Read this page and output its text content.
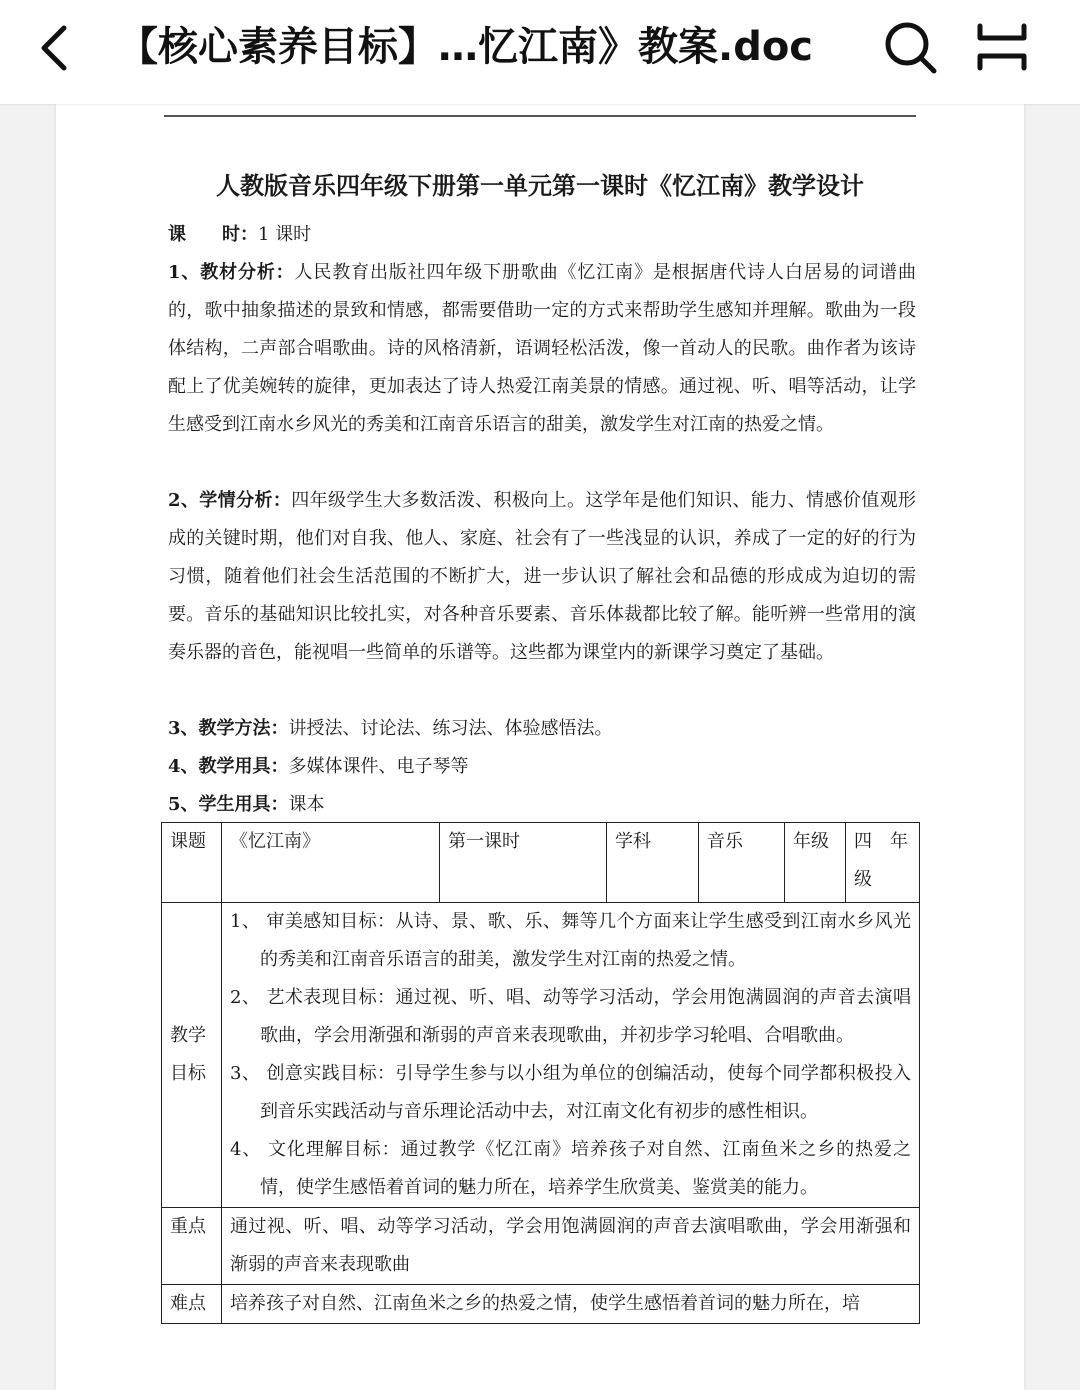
【核心素养目标】…忆江南》教案.doc
人教版音乐四年级下册第一单元第一课时《忆江南》教学设计
课　　时：1 课时
1、教材分析：人民教育出版社四年级下册歌曲《忆江南》是根据唐代诗人白居易的词谱曲的，歌中抽象描述的景致和情感，都需要借助一定的方式来帮助学生感知并理解。歌曲为一段体结构，二声部合唱歌曲。诗的风格清新，语调轻松活泼，像一首动人的民歌。曲作者为该诗配上了优美婉转的旋律，更加表达了诗人热爱江南美景的情感。通过视、听、唱等活动，让学生感受到江南水乡风光的秀美和江南音乐语言的甜美，激发学生对江南的热爱之情。
2、学情分析：四年级学生大多数活泼、积极向上。这学年是他们知识、能力、情感价值观形成的关键时期，他们对自我、他人、家庭、社会有了一些浅显的认识，养成了一定的好的行为习惯，随着他们社会生活范围的不断扩大，进一步认识了解社会和品德的形成成为迫切的需要。音乐的基础知识比较扎实，对各种音乐要素、音乐体裁都比较了解。能听辨一些常用的演奏乐器的音色，能视唱一些简单的乐谱等。这些都为课堂内的新课学习奠定了基础。
3、教学方法：讲授法、讨论法、练习法、体验感悟法。
4、教学用具：多媒体课件、电子琴等
5、学生用具：课本
课题	《忆江南》	第一课时	学科	音乐	年级	四　年级
教学目标	1、 审美感知目标：从诗、景、歌、乐、舞等几个方面来让学生感受到江南水乡风光的秀美和江南音乐语言的甜美，激发学生对江南的热爱之情。
2、 艺术表现目标：通过视、听、唱、动等学习活动，学会用饱满圆润的声音去演唱歌曲，学会用渐强和渐弱的声音来表现歌曲，并初步学习轮唱、合唱歌曲。
3、 创意实践目标：引导学生参与以小组为单位的创编活动，使每个同学都积极投入到音乐实践活动与音乐理论活动中去，对江南文化有初步的感性相识。
4、 文化理解目标：通过教学《忆江南》培养孩子对自然、江南鱼米之乡的热爱之情，使学生感悟着首词的魅力所在，培养学生欣赏美、鉴赏美的能力。					

重点	通过视、听、唱、动等学习活动，学会用饱满圆润的声音去演唱歌曲，学会用渐强和渐弱的声音来表现歌曲					
难点	培养孩子对自然、江南鱼米之乡的热爱之情，使学生感悟着首词的魅力所在，培					
